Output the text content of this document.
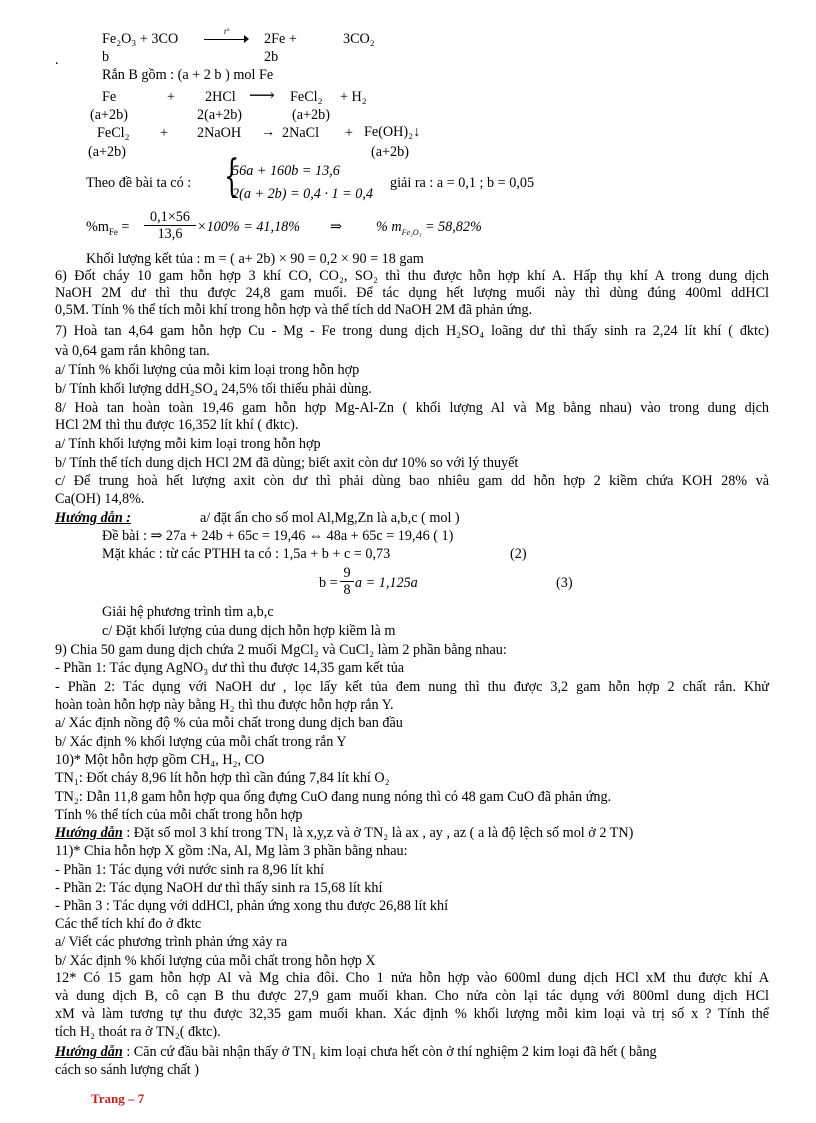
Fe₂O₃ + 3CO	t° 2Fe +	3CO₂
.	b	2b
Rắn B gồm : (a + 2 b ) mol Fe
Fe	+ 2HCl ⟶ FeCl₂ + H₂
(a+2b)	2(a+2b)	(a+2b)
FeCl₂ + 2NaOH → 2NaCl + Fe(OH)₂↓
(a+2b)	(a+2b)
Theo đề bài ta có : {
56a + 160b = 13,6
2(a + 2b) = 0,4 · 1 = 0,4
giải ra : a = 0,1 ; b = 0,05
$\%m_{Fe} = \frac{0,1\times 56}{13,6} \times 100\% = 41,18\%$ ⇒ % $m_{Fe_2O_3} = 58,82\%$
Khối lượng kết tủa : m = ( a+ 2b) × 90 = 0,2 × 90 = 18 gam
6) Đốt cháy 10 gam hỗn hợp 3 khí CO, CO₂, SO₂ thì thu được hỗn hợp khí A. Hấp thụ khí A trong dung dịch
NaOH 2M dư thì thu được 24,8 gam muối. Để tác dụng hết lượng muối này thì dùng đúng 400ml ddHCl
0,5M. Tính % thể tích mỗi khí trong hỗn hợp và thể tích dd NaOH 2M đã phản ứng.
7) Hoà tan 4,64 gam hỗn hợp Cu - Mg - Fe trong dung dịch H₂SO₄ loãng dư thì thấy sinh ra 2,24 lít khí ( đktc)
và 0,64 gam rắn không tan.
a/ Tính % khối lượng của mỗi kim loại trong hỗn hợp
b/ Tính khối lượng ddH₂SO₄ 24,5% tối thiểu phải dùng.
8/ Hoà tan hoàn toàn 19,46 gam hỗn hợp Mg-Al-Zn ( khối lượng Al và Mg bằng nhau) vào trong dung dịch
HCl 2M thì thu được 16,352 lít khí ( đktc).
a/ Tính khối lượng mỗi kim loại trong hỗn hợp
b/ Tính thể tích dung dịch HCl 2M đã dùng; biết axit còn dư 10% so với lý thuyết
c/ Để trung hoà hết lượng axit còn dư thì phải dùng bao nhiêu gam dd hỗn hợp 2 kiềm chứa KOH 28% và
Ca(OH) 14,8%.
Hướng dẫn :	a/ đặt ẩn cho số mol Al,Mg,Zn là a,b,c ( mol )
Đề bài : ⇒ 27a + 24b + 65c = 19,46 ⇔ 48a + 65c = 19,46 ( 1)
Mặt khác : từ các PTHH ta có : 1,5a + b + c = 0,73	(2)
$b = \frac{9}{8}$ a = 1,125a	(3)
Giải hệ phương trình tìm a,b,c
c/ Đặt khối lượng của dung dịch hỗn hợp kiềm là m
9) Chia 50 gam dung dịch chứa 2 muối MgCl₂ và CuCl₂ làm 2 phần bằng nhau:
- Phần 1: Tác dụng AgNO₃ dư thì thu được 14,35 gam kết tủa
- Phần 2: Tác dụng với NaOH dư , lọc lấy kết tủa đem nung thì thu được 3,2 gam hỗn hợp 2 chất rắn. Khử
hoàn toàn hỗn hợp này bằng H₂ thì thu được hỗn hợp rắn Y.
a/ Xác định nồng độ % của mỗi chất trong dung dịch ban đầu
b/ Xác định % khối lượng của mỗi chất trong rắn Y
10)* Một hỗn hợp gồm CH₄, H₂, CO
TN₁: Đốt cháy 8,96 lít hỗn hợp thì cần đúng 7,84 lít khí O₂
TN₂: Dẫn 11,8 gam hỗn hợp qua ống đựng CuO đang nung nóng thì có 48 gam CuO đã phản ứng.
Tính % thể tích của mỗi chất trong hỗn hợp
Hướng dẫn : Đặt số mol 3 khí trong TN₁ là x,y,z và ở TN₂ là ax , ay , az ( a là độ lệch số mol ở 2 TN)
11)* Chia hỗn hợp X gồm :Na, Al, Mg làm 3 phần bằng nhau:
- Phần 1: Tác dụng với nước sinh ra 8,96 lít khí
- Phần 2: Tác dụng NaOH dư thì thấy sinh ra 15,68 lít khí
- Phần 3 : Tác dụng với ddHCl, phản ứng xong thu được 26,88 lít khí
Các thể tích khí đo ở đktc
a/ Viết các phương trình phản ứng xảy ra
b/ Xác định % khối lượng của mỗi chất trong hỗn hợp X
12* Có 15 gam hỗn hợp Al và Mg chia đôi. Cho 1 nửa hỗn hợp vào 600ml dung dịch HCl xM thu được khí A
và dung dịch B, cô cạn B thu được 27,9 gam muối khan. Cho nửa còn lại tác dụng với 800ml dung dịch HCl
xM và làm tương tự thu được 32,35 gam muối khan. Xác định % khối lượng mỗi kim loại và trị số x ? Tính thể
tích H₂ thoát ra ở TN₂( đktc).
Hướng dẫn : Căn cứ đầu bài nhận thấy ở TN₁ kim loại chưa hết còn ở thí nghiệm 2 kim loại đã hết ( bằng
cách so sánh lượng chất )
Trang – 7
